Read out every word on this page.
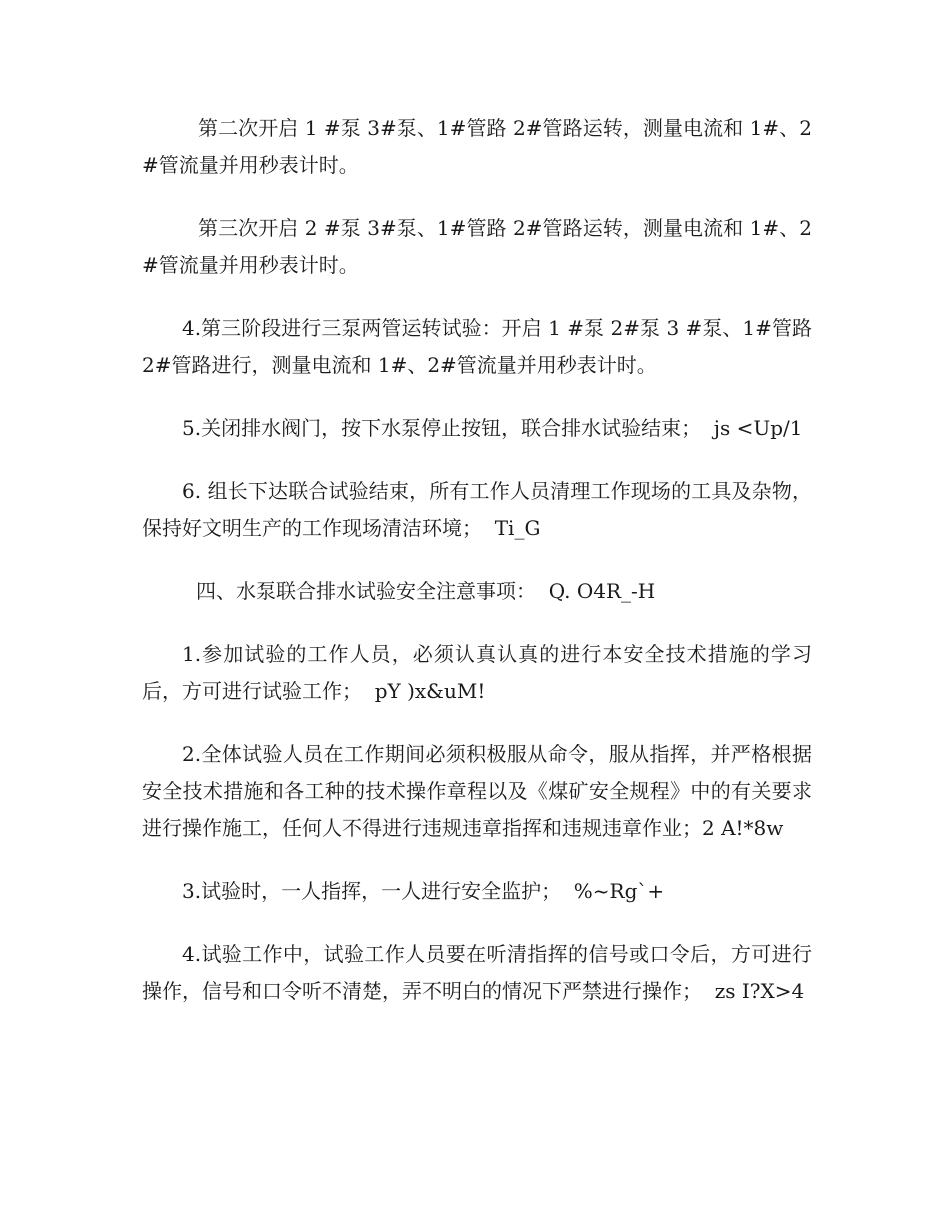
第二次开启 1 #泵 3#泵、1#管路 2#管路运转，测量电流和 1#、2#管流量并用秒表计时。

第三次开启 2 #泵 3#泵、1#管路 2#管路运转，测量电流和 1#、2#管流量并用秒表计时。

4.第三阶段进行三泵两管运转试验：开启 1 #泵 2#泵 3 #泵、1#管路 2#管路进行，测量电流和 1#、2#管流量并用秒表计时。

5.关闭排水阀门，按下水泵停止按钮，联合排水试验结束；  js <Up/1

6. 组长下达联合试验结束，所有工作人员清理工作现场的工具及杂物，保持好文明生产的工作现场清洁环境；  Ti_G

四、水泵联合排水试验安全注意事项：  Q. O4R_-H

1.参加试验的工作人员，必须认真认真的进行本安全技术措施的学习后，方可进行试验工作；  pY )x&uM!

2.全体试验人员在工作期间必须积极服从命令，服从指挥，并严格根据安全技术措施和各工种的技术操作章程以及《煤矿安全规程》中的有关要求进行操作施工，任何人不得进行违规违章指挥和违规违章作业；2 A!*8w

3.试验时，一人指挥，一人进行安全监护；  %~Rg`+

4.试验工作中，试验工作人员要在听清指挥的信号或口令后，方可进行操作，信号和口令听不清楚，弄不明白的情况下严禁进行操作；  zs I?X>4
